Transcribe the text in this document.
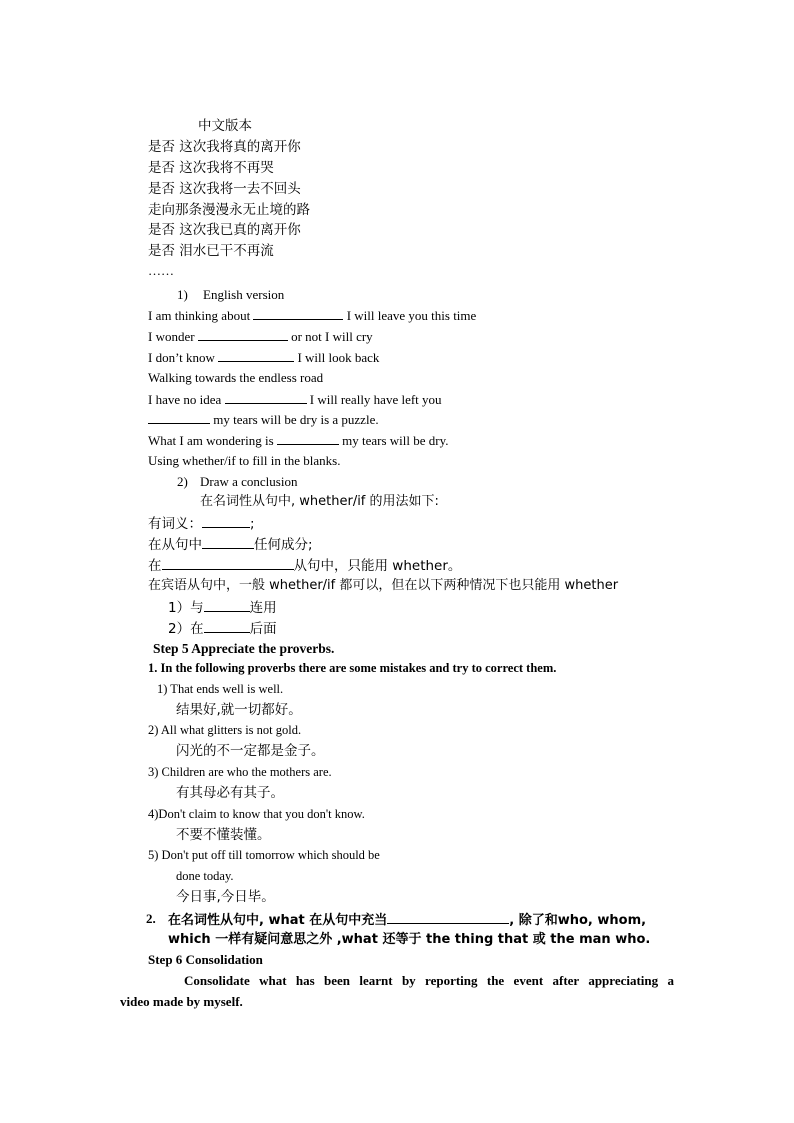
中文版本
是否 这次我将真的离开你
是否 这次我将不再哭
是否 这次我将一去不回头
走向那条漫漫永无止境的路
是否 这次我已真的离开你
是否 泪水已干不再流
……
1) English version
I am thinking about	I will leave you this time
I wonder	or not I will cry
I don’t know	I will look back
Walking towards the endless road
I have no idea	I will really have left you
my tears will be dry is a puzzle.
What I am wondering is	my tears will be dry.
Using whether/if to fill in the blanks.
2) Draw a conclusion
在名词性从句中, whether/if 的用法如下:
有词义：	;
在从句中	任何成分;
在	从句中，只能用 whether。
在宾语从句中，一般 whether/if 都可以，但在以下两种情况下也只能用 whether
1）与	连用
2）在	后面
Step 5 Appreciate the proverbs.
1. In the following proverbs there are some mistakes and try to correct them.
1) That ends well is well.
结果好,就一切都好。
2) All what glitters is not gold.
闪光的不一定都是金子。
3) Children are who the mothers are.
有其母必有其子。
4)Don't claim to know that you don't know.
不要不懂装懂。
5) Don't put off till tomorrow which should be
done today.
今日事,今日毕。
2. 在名词性从句中, what 在从句中充当	, 除了和who, whom,
which 一样有疑问意思之外 ,what 还等于 the thing that 或 the man who.
Step 6 Consolidation
Consolidate what has been learnt by reporting the event after appreciating a
video made by myself.
